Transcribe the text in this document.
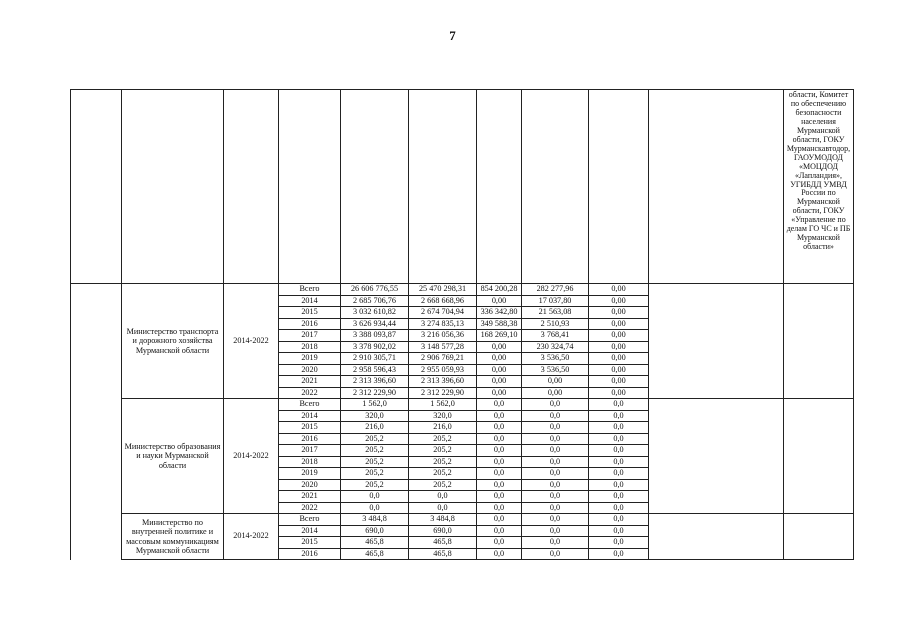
7
										области, Комитет по обеспечению безопасности населения Мурманской области, ГОКУ Мурманскавтодор, ГАОУМОДОД «МОЦДОД «Лапландия», УГИБДД УМВД России по Мурманской области, ГОКУ «Управление по делам ГО ЧС и ПБ Мурманской области»
	Министерство транспорта и дорожного хозяйства Мурманской области	2014-2022	Всего	26 606 776,55	25 470 298,31	854 200,28	282 277,96	0,00		
			2014	2 685 706,76	2 668 668,96	0,00	17 037,80	0,00		
			2015	3 032 610,82	2 674 704,94	336 342,80	21 563,08	0,00		
			2016	3 626 934,44	3 274 835,13	349 588,38	2 510,93	0,00		
			2017	3 388 093,87	3 216 056,36	168 269,10	3 768,41	0,00		
			2018	3 378 902,02	3 148 577,28	0,00	230 324,74	0,00		
			2019	2 910 305,71	2 906 769,21	0,00	3 536,50	0,00		
			2020	2 958 596,43	2 955 059,93	0,00	3 536,50	0,00		
			2021	2 313 396,60	2 313 396,60	0,00	0,00	0,00		
			2022	2 312 229,90	2 312 229,90	0,00	0,00	0,00		
	Министерство образования и науки Мурманской области	2014-2022	Всего	1 562,0	1 562,0	0,0	0,0	0,0		
			2014	320,0	320,0	0,0	0,0	0,0		
			2015	216,0	216,0	0,0	0,0	0,0		
			2016	205,2	205,2	0,0	0,0	0,0		
			2017	205,2	205,2	0,0	0,0	0,0		
			2018	205,2	205,2	0,0	0,0	0,0		
			2019	205,2	205,2	0,0	0,0	0,0		
			2020	205,2	205,2	0,0	0,0	0,0		
			2021	0,0	0,0	0,0	0,0	0,0		
			2022	0,0	0,0	0,0	0,0	0,0		
	Министерство по внутренней политике и массовым коммуникациям Мурманской области	2014-2022	Всего	3 484,8	3 484,8	0,0	0,0	0,0		
			2014	690,0	690,0	0,0	0,0	0,0		
			2015	465,8	465,8	0,0	0,0	0,0		
			2016	465,8	465,8	0,0	0,0	0,0		
